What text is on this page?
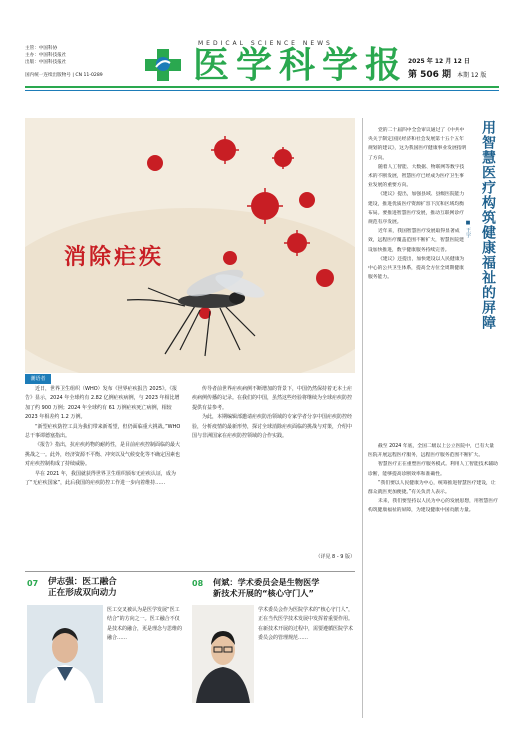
主管：中国科协
主办：中国科技报社
出版：中国科技报社
国内统一连续出版物号 | CN 11-0289
MEDICAL SCIENCE NEWS
医学科学报 2025 年 12 月 12 日
第 506 期 本期 12 版
消除疟疾
潮语者

近日，世界卫生组织（WHO）发布《世界疟疾报告 2025》。《报告》显示，2024 年全球约有 2.82 亿例疟疾病例，与 2023 年相比增加了约 900 万例；2024 年全球约有 61 万例疟疾死亡病例，相较 2023 年相差约 1.2 万例。

“新型疟疾防控工具为我们带来新希望，但仍面临重大挑战。”WHO 总干事谭德塞指出。

《报告》指出，抗疟疾药物的耐药性，是目前疟疾控制面临的最大挑战之一。此外，经济资源不平衡、冲突以及气候变化等不确定因素也对疟疾控制构成了持续威胁。

早在 2021 年，我国就获得世界卫生组织颁布无疟疾认证，成为了“无疟疾国家”，此后我国的疟疾防控工作进一步向着维持……

传导者前世界疟疾病例不断增加的背景下，中国仍然保持着无本土疟疾病例传播的记录。在我们的中国，虽然这些经验将继续为全球疟疾防控提供有益参考。

为此，本期编辑部邀请疟疾防治领域的专家学者分享中国疟疾防控经验，分析疫情的最新形势，探讨全球消除疟疾面临的挑战与对策，介绍中国与非洲国家在疟疾防控领域的合作实践。

（详见 8 - 9 版）
07 伊志强：医工融合
正在形成双向动力
医工交叉被认为是医学发展“医工结合”的方向之一。医工融合不仅是技术的融合，更是理念与思维的融合……
08 何斌：学术委员会是生物医学
新技术开展的“核心守门人”
学术委员会作为医院学术的“核心守门人”，正在当代医学技术发展中发挥着重要作用。在新技术开展的过程中，需要遵循医院学术委员会的管理规范……
用智慧医疗构筑健康福祉的屏障
■ 王宇

党的二十届四中全会审议通过了《中共中央关于制定国民经济和社会发展第十五个五年规划的建议》，这为我国医疗健康事业发展指明了方向。

随着人工智能、大数据、物联网等数字技术的不断发展，智慧医疗已经成为医疗卫生事业发展的重要方向。

《建议》提出，加强县域、县级医院能力建设，推进优质医疗资源扩容下沉和区域均衡布局。要推进智慧医疗发展，推动互联网诊疗规范有序发展。

近年来，我国智慧医疗发展取得显著成效，远程医疗覆盖范围不断扩大，智慧医院建设加快推进，数字健康服务持续完善。

《建议》还提出，加快建设以人民健康为中心的公共卫生体系，提高全方位全周期健康服务能力。

截至 2024 年底，全国二级以上公立医院中，已有大量医院开展远程医疗服务，远程医疗服务范围不断扩大。

智慧医疗正在重塑医疗服务模式。利用人工智能技术辅助诊断，能够提高诊断效率和准确性。

“我们要以人民健康为中心，统筹推进智慧医疗建设，让群众就医更加便捷。”有关负责人表示。

未来，我们要坚持以人民为中心的发展思想，用智慧医疗构筑健康福祉的屏障，为建设健康中国贡献力量。
